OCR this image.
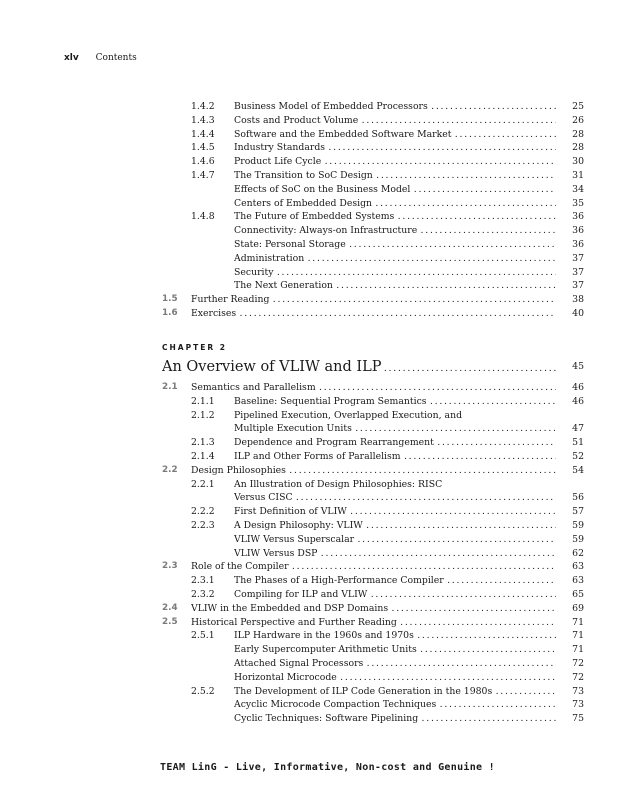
xlv Contents
1.4.2 Business Model of Embedded Processors . . .	25
1.4.3 Costs and Product Volume . . .	26
1.4.4 Software and the Embedded Software Market . . .	28
1.4.5 Industry Standards . . .	28
1.4.6 Product Life Cycle . . .	30
1.4.7 The Transition to SoC Design . . .	31
Effects of SoC on the Business Model . . .	34
Centers of Embedded Design . . .	35
1.4.8 The Future of Embedded Systems . . .	36
Connectivity: Always-on Infrastructure . . .	36
State: Personal Storage . . .	36
Administration . . .	37
Security . . .	37
The Next Generation . . .	37
1.5 Further Reading . . .	38
1.6 Exercises . . .	40
CHAPTER 2
An Overview of VLIW and ILP . . .	45
2.1 Semantics and Parallelism . . .	46
2.1.1 Baseline: Sequential Program Semantics . . .	46
2.1.2 Pipelined Execution, Overlapped Execution, and
Multiple Execution Units . . .	47
2.1.3 Dependence and Program Rearrangement . . .	51
2.1.4 ILP and Other Forms of Parallelism . . .	52
2.2 Design Philosophies . . .	54
2.2.1 An Illustration of Design Philosophies: RISC
Versus CISC . . .	56
2.2.2 First Definition of VLIW . . .	57
2.2.3 A Design Philosophy: VLIW . . .	59
VLIW Versus Superscalar . . .	59
VLIW Versus DSP . . .	62
2.3 Role of the Compiler . . .	63
2.3.1 The Phases of a High-Performance Compiler . . .	63
2.3.2 Compiling for ILP and VLIW . . .	65
2.4 VLIW in the Embedded and DSP Domains . . .	69
2.5 Historical Perspective and Further Reading . . .	71
2.5.1 ILP Hardware in the 1960s and 1970s . . .	71
Early Supercomputer Arithmetic Units . . .	71
Attached Signal Processors . . .	72
Horizontal Microcode . . .	72
2.5.2 The Development of ILP Code Generation in the 1980s . . .	73
Acyclic Microcode Compaction Techniques . . .	73
Cyclic Techniques: Software Pipelining . . .	75
TEAM LinG - Live, Informative, Non-cost and Genuine !
